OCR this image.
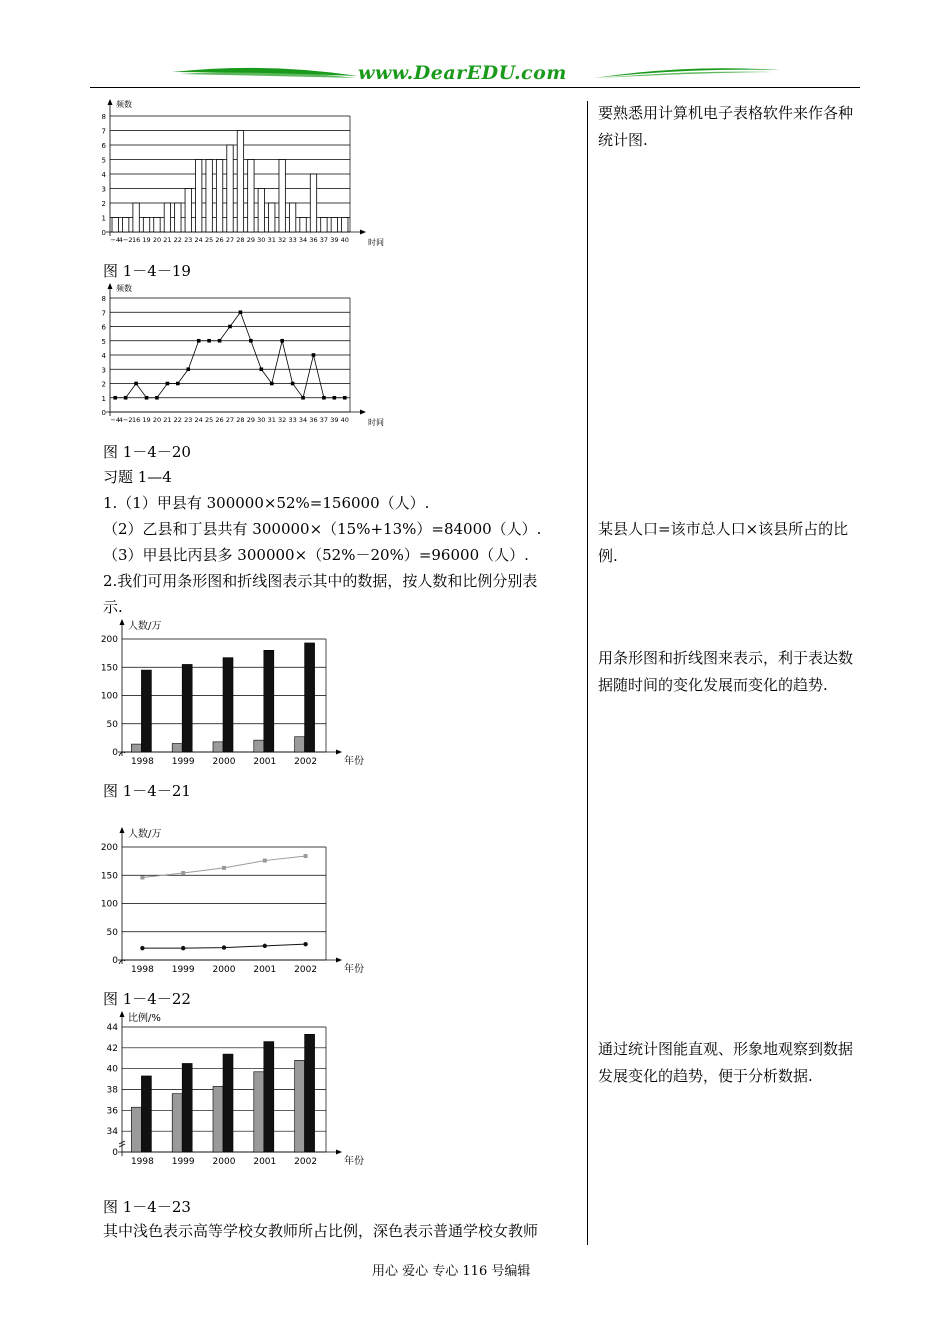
www.DearEDU.com
要熟悉用计算机电子表格软件来作各种统计图.
某县人口=该市总人口×该县所占的比例.
用条形图和折线图来表示，利于表达数据随时间的变化发展而变化的趋势.
通过统计图能直观、形象地观察到数据发展变化的趋势，便于分析数据.
0
1
2
3
4
5
6
7
8
频数
时间
−4
4−2 16 19 20 21 22 23 24 25 26 27 28 29 30 31 32 33 34 36 37 39 40
图 1－4－19
0
1
2
3
4
5
6
7
8
频数
时间
−4
4−2 16 19 20 21 22 23 24 25 26 27 28 29 30 31 32 33 34 36 37 39 40
图 1－4－20
习题 1—4
1.（1）甲县有 300000×52%=156000（人）.
（2）乙县和丁县共有 300000×（15%+13%）=84000（人）.
（3）甲县比丙县多 300000×（52%－20%）=96000（人）.
2.我们可用条形图和折线图表示其中的数据，按人数和比例分别表
示.
0
50
100
150
200
人数/万
年份
1998 1999 2000 2001 2002
图 1－4－21
0
50
100
150
200
人数/万
年份
1998 1999 2000 2001 2002
图 1－4－22
0
34
36
38
40
42
44
比例/%
年份
1998 1999 2000 2001 2002
图 1－4－23
其中浅色表示高等学校女教师所占比例，深色表示普通学校女教师
用心 爱心 专心 116 号编辑
